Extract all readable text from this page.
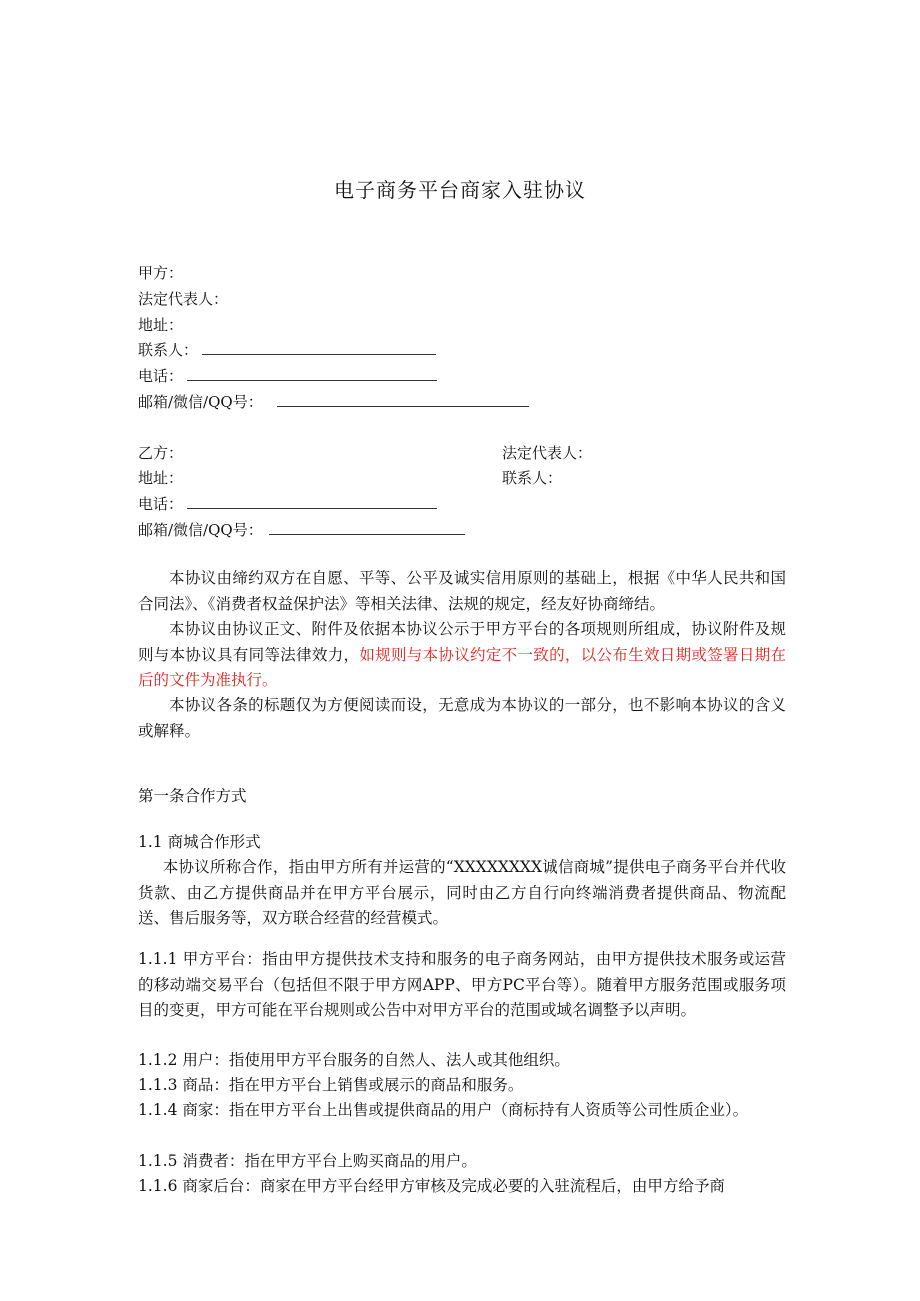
电子商务平台商家入驻协议
甲方：
法定代表人：
地址：
联系人：
电话：
邮箱/微信/QQ号：
乙方：	法定代表人：
地址：	联系人：
电话：
邮箱/微信/QQ号：
本协议由缔约双方在自愿、平等、公平及诚实信用原则的基础上，根据《中华人民共和国合同法》、《消费者权益保护法》等相关法律、法规的规定，经友好协商缔结。
本协议由协议正文、附件及依据本协议公示于甲方平台的各项规则所组成，协议附件及规则与本协议具有同等法律效力，如规则与本协议约定不一致的，以公布生效日期或签署日期在后的文件为准执行。
本协议各条的标题仅为方便阅读而设，无意成为本协议的一部分，也不影响本协议的含义或解释。
第一条合作方式
1.1 商城合作形式
本协议所称合作，指由甲方所有并运营的“XXXXXXXX诚信商城”提供电子商务平台并代收货款、由乙方提供商品并在甲方平台展示，同时由乙方自行向终端消费者提供商品、物流配送、售后服务等，双方联合经营的经营模式。
1.1.1 甲方平台：指由甲方提供技术支持和服务的电子商务网站，由甲方提供技术服务或运营的移动端交易平台（包括但不限于甲方网APP、甲方PC平台等）。随着甲方服务范围或服务项目的变更，甲方可能在平台规则或公告中对甲方平台的范围或域名调整予以声明。
1.1.2 用户：指使用甲方平台服务的自然人、法人或其他组织。
1.1.3 商品：指在甲方平台上销售或展示的商品和服务。
1.1.4 商家：指在甲方平台上出售或提供商品的用户（商标持有人资质等公司性质企业）。
1.1.5 消费者：指在甲方平台上购买商品的用户。
1.1.6 商家后台：商家在甲方平台经甲方审核及完成必要的入驻流程后，由甲方给予商
